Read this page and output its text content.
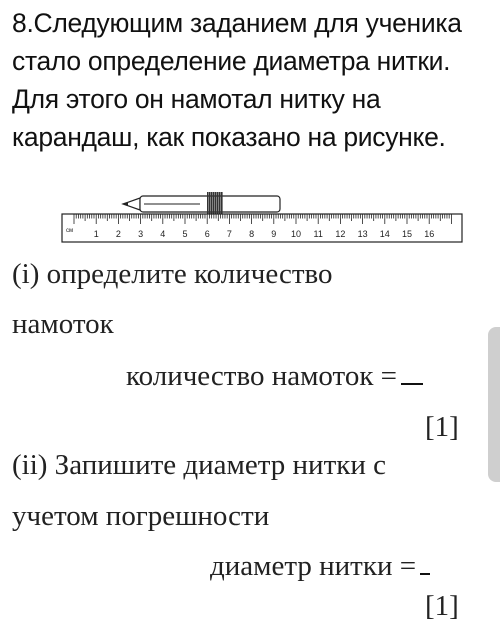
8.Следующим заданием для ученика стало определение диаметра нитки. Для этого он намотал нитку на карандаш, как показано на рисунке.
см 1 2 3 4 5 6 7 8 9 10 11 12 13 14 15 16
(i) определите количество
намоток
количество намоток =
[1]
(ii) Запишите диаметр нитки с
учетом погрешности
диаметр нитки =
[1]
